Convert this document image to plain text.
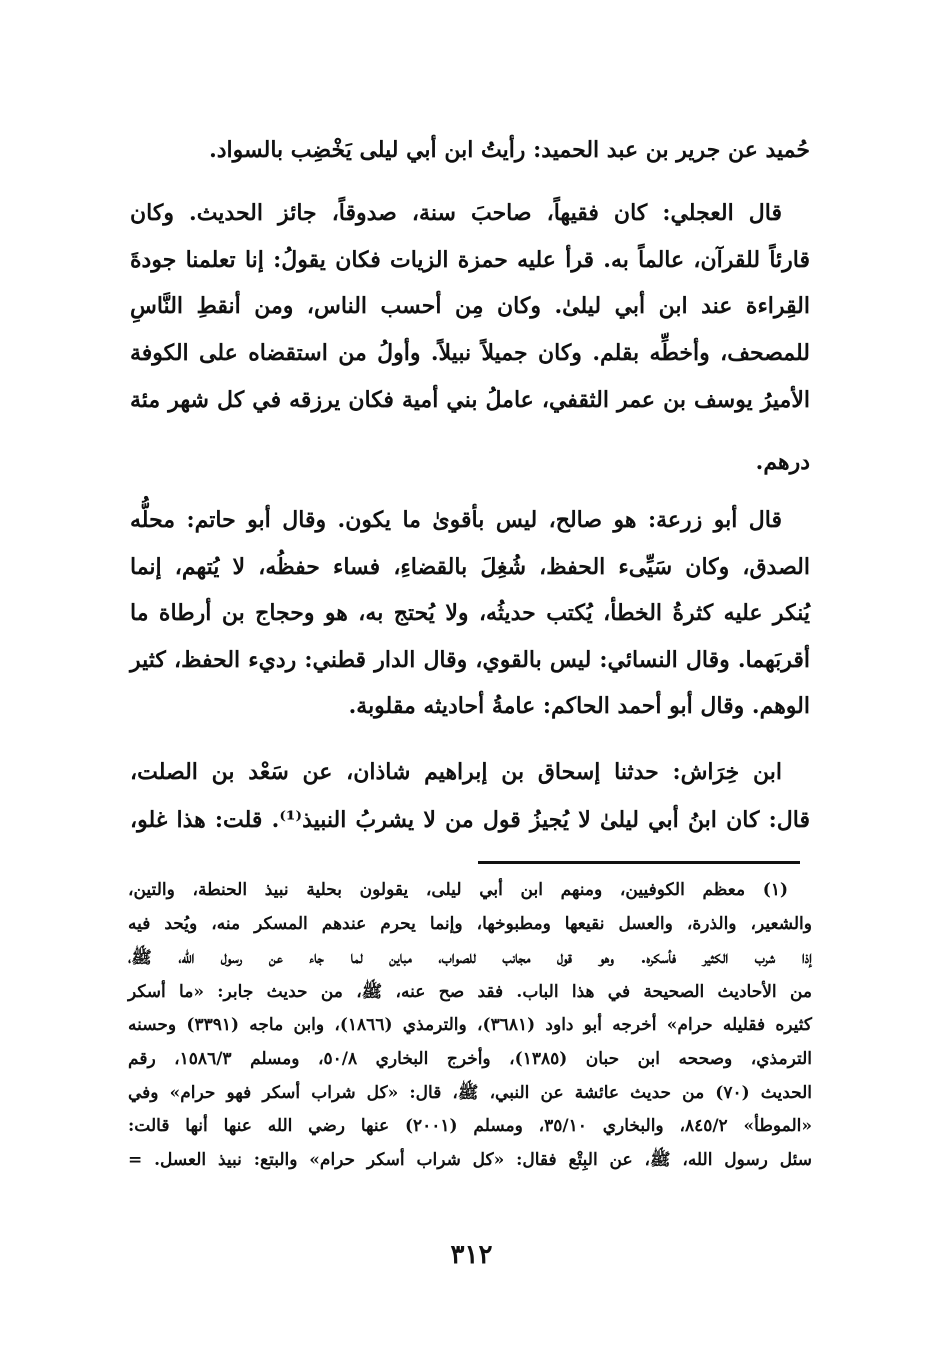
حُميد عن جرير بن عبد الحميد: رأيتُ ابن أبي ليلى يَخْضِب بالسواد.
قال العجلي: كان فقيهاً، صاحبَ سنة، صدوقاً، جائز الحديث. وكان
قارئاً للقرآن، عالماً به. قرأ عليه حمزة الزيات فكان يقولُ: إنا تعلمنا جودةَ
القِراءة عند ابن أبي ليلىٰ. وكان مِن أحسب الناس، ومن أنقطِ النَّاسِ
للمصحف، وأخطِّه بقلم. وكان جميلاً نبيلاً. وأولُ من استقضاه على الكوفة
الأميرُ يوسف بن عمر الثقفي، عاملُ بني أمية فكان يرزقه في كل شهر مئة
درهم.
قال أبو زرعة: هو صالح، ليس بأقوىٰ ما يكون. وقال أبو حاتم: محلُّه
الصدق، وكان سَيِّىء الحفظ، شُغِلَ بالقضاءِ، فساء حفظُه، لا يُتهم، إنما
يُنكر عليه كثرةُ الخطأ، يُكتب حديثُه، ولا يُحتج به، هو وحجاج بن أرطاة ما
أقربَهما. وقال النسائي: ليس بالقوي، وقال الدار قطني: رديء الحفظ، كثير
الوهم. وقال أبو أحمد الحاكم: عامةُ أحاديثه مقلوبة.
ابن خِرَاش: حدثنا إسحاق بن إبراهيم شاذان، عن سَعْد بن الصلت،
قال: كان ابنُ أبي ليلىٰ لا يُجيزُ قول من لا يشربُ النبيذ⁽¹⁾. قلت: هذا غلو،
(١) معظم الكوفيين، ومنهم ابن أبي ليلى، يقولون بحلية نبيذ الحنطة، والتين،
والشعير، والذرة، والعسل نقيعها ومطبوخها، وإنما يحرم عندهم المسكر منه، ويُحد فيه
إذا شرب الكثير فأسكره. وهو قول مجانب للصواب، مباين لما جاء عن رسول الله، ﷺ،
من الأحاديث الصحيحة في هذا الباب. فقد صح عنه، ﷺ، من حديث جابر: «ما أسكر
كثيره فقليله حرام» أخرجه أبو داود (٣٦٨١)، والترمذي (١٨٦٦)، وابن ماجه (٣٣٩١) وحسنه
الترمذي، وصححه ابن حبان (١٣٨٥)، وأخرج البخاري ٥٠/٨، ومسلم ١٥٨٦/٣، رقم
الحديث (٧٠) من حديث عائشة عن النبي، ﷺ، قال: «كل شراب أسكر فهو حرام» وفي
«الموطأ» ٨٤٥/٢، والبخاري ٣٥/١٠، ومسلم (٢٠٠١) عنها رضي الله عنها أنها قالت:
سئل رسول الله، ﷺ، عن البِتْع فقال: «كل شراب أسكر حرام» والبتع: نبيذ العسل. =
٣١٢
